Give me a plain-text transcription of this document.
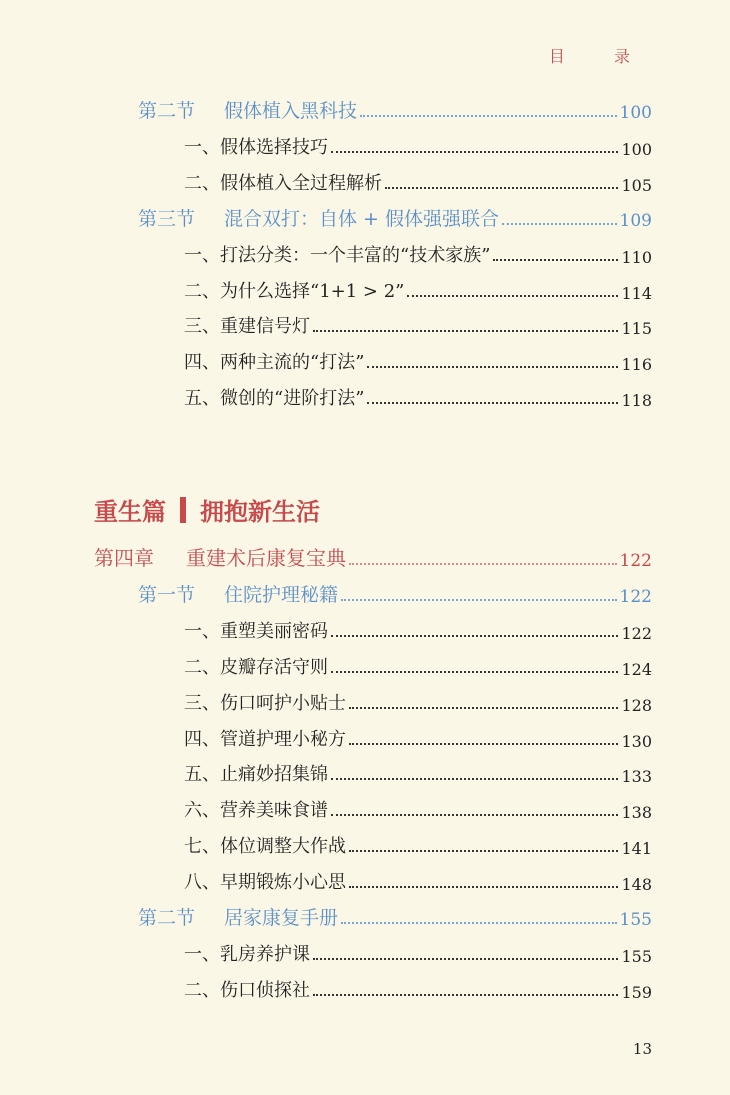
目 录
第二节 假体植入黑科技	100
一、假体选择技巧	100
二、假体植入全过程解析	105
第三节 混合双打：自体 + 假体强强联合	109
一、打法分类：一个丰富的“技术家族”	110
二、为什么选择“1+1 > 2”	114
三、重建信号灯	115
四、两种主流的“打法”	116
五、微创的“进阶打法”	118
重生篇 拥抱新生活
第四章 重建术后康复宝典	122
第一节 住院护理秘籍	122
一、重塑美丽密码	122
二、皮瓣存活守则	124
三、伤口呵护小贴士	128
四、管道护理小秘方	130
五、止痛妙招集锦	133
六、营养美味食谱	138
七、体位调整大作战	141
八、早期锻炼小心思	148
第二节 居家康复手册	155
一、乳房养护课	155
二、伤口侦探社	159
13
